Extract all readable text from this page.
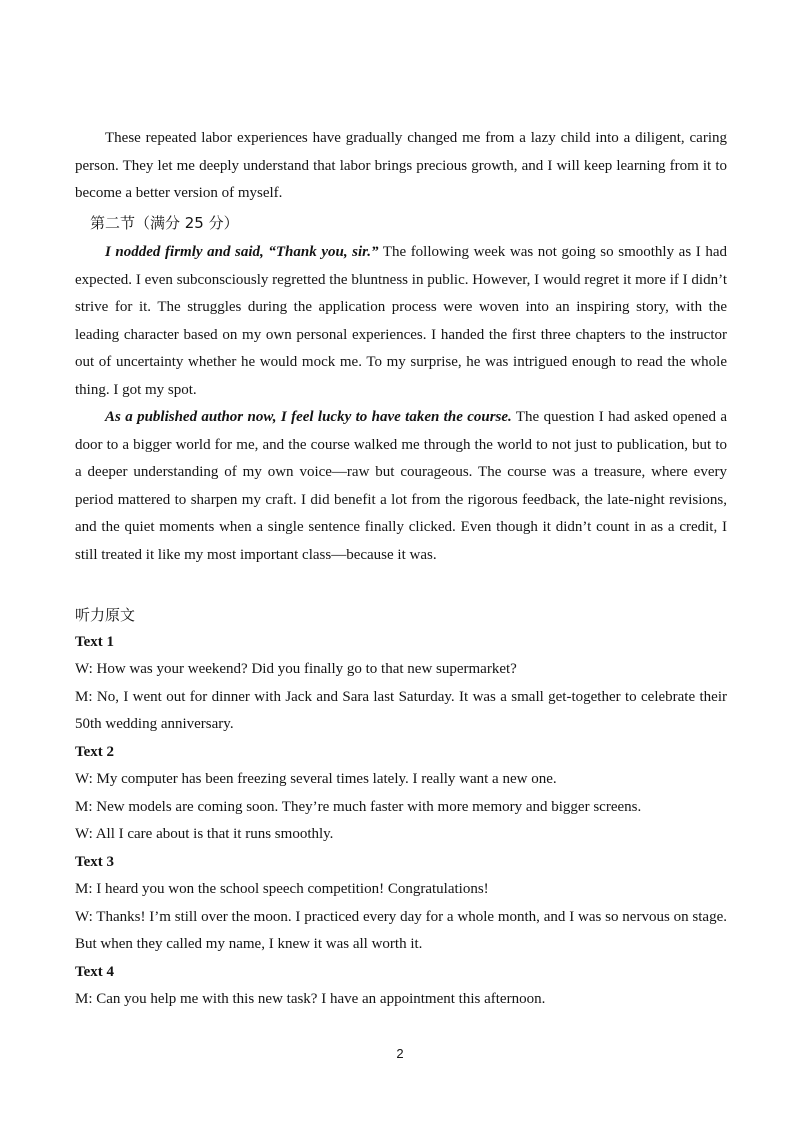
These repeated labor experiences have gradually changed me from a lazy child into a diligent, caring person. They let me deeply understand that labor brings precious growth, and I will keep learning from it to become a better version of myself.

第二节（满分 25 分）

I nodded firmly and said, “Thank you, sir.” The following week was not going so smoothly as I had expected. I even subconsciously regretted the bluntness in public. However, I would regret it more if I didn’t strive for it. The struggles during the application process were woven into an inspiring story, with the leading character based on my own personal experiences. I handed the first three chapters to the instructor out of uncertainty whether he would mock me. To my surprise, he was intrigued enough to read the whole thing. I got my spot.

As a published author now, I feel lucky to have taken the course. The question I had asked opened a door to a bigger world for me, and the course walked me through the world to not just to publication, but to a deeper understanding of my own voice—raw but courageous. The course was a treasure, where every period mattered to sharpen my craft. I did benefit a lot from the rigorous feedback, the late-night revisions, and the quiet moments when a single sentence finally clicked. Even though it didn’t count in as a credit, I still treated it like my most important class—because it was.

听力原文
Text 1

W: How was your weekend? Did you finally go to that new supermarket?

M: No, I went out for dinner with Jack and Sara last Saturday. It was a small get-together to celebrate their 50th wedding anniversary.

Text 2

W: My computer has been freezing several times lately. I really want a new one.

M: New models are coming soon. They’re much faster with more memory and bigger screens.

W: All I care about is that it runs smoothly.

Text 3

M: I heard you won the school speech competition! Congratulations!

W: Thanks! I’m still over the moon. I practiced every day for a whole month, and I was so nervous on stage. But when they called my name, I knew it was all worth it.

Text 4

M: Can you help me with this new task? I have an appointment this afternoon.

2
